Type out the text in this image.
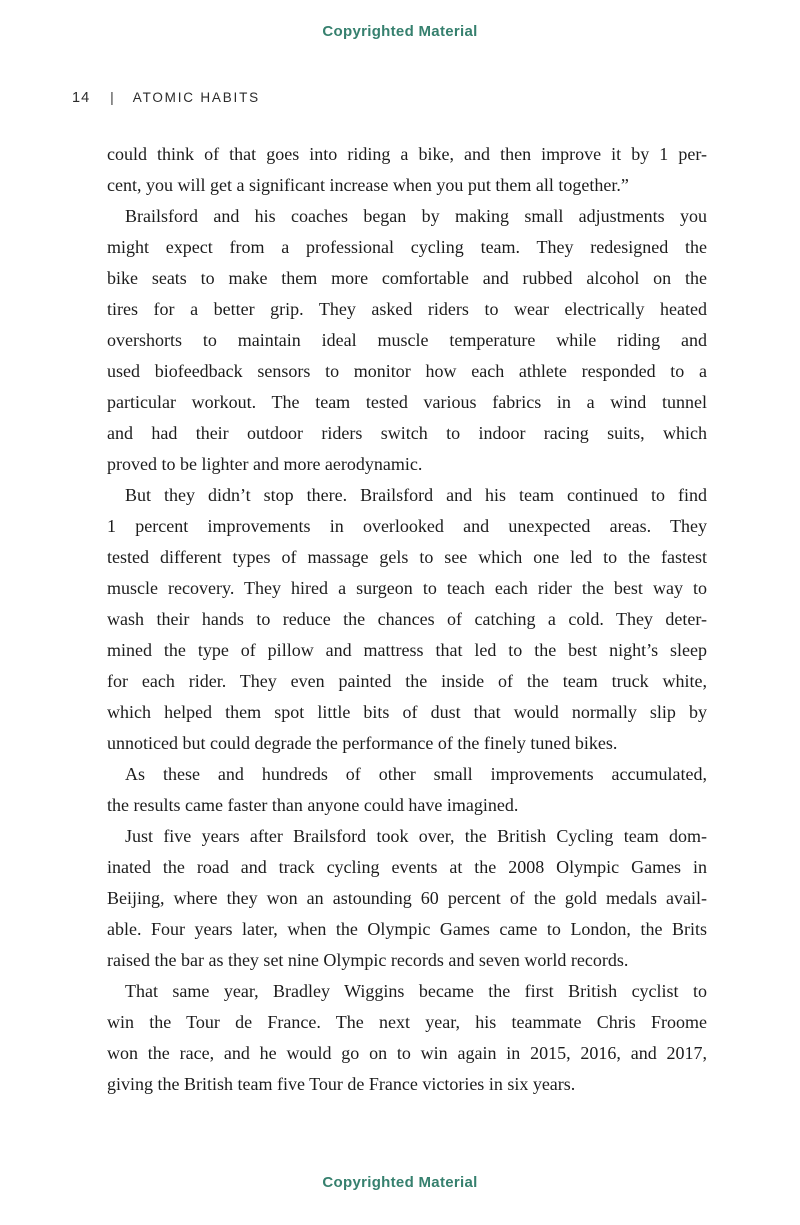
Copyrighted Material
14 | ATOMIC HABITS
could think of that goes into riding a bike, and then improve it by 1 per-
cent, you will get a significant increase when you put them all together.”
Brailsford and his coaches began by making small adjustments you
might expect from a professional cycling team. They redesigned the
bike seats to make them more comfortable and rubbed alcohol on the
tires for a better grip. They asked riders to wear electrically heated
overshorts to maintain ideal muscle temperature while riding and
used biofeedback sensors to monitor how each athlete responded to a
particular workout. The team tested various fabrics in a wind tunnel
and had their outdoor riders switch to indoor racing suits, which
proved to be lighter and more aerodynamic.
But they didn’t stop there. Brailsford and his team continued to find
1 percent improvements in overlooked and unexpected areas. They
tested different types of massage gels to see which one led to the fastest
muscle recovery. They hired a surgeon to teach each rider the best way to
wash their hands to reduce the chances of catching a cold. They deter-
mined the type of pillow and mattress that led to the best night’s sleep
for each rider. They even painted the inside of the team truck white,
which helped them spot little bits of dust that would normally slip by
unnoticed but could degrade the performance of the finely tuned bikes.
As these and hundreds of other small improvements accumulated,
the results came faster than anyone could have imagined.
Just five years after Brailsford took over, the British Cycling team dom-
inated the road and track cycling events at the 2008 Olympic Games in
Beijing, where they won an astounding 60 percent of the gold medals avail-
able. Four years later, when the Olympic Games came to London, the Brits
raised the bar as they set nine Olympic records and seven world records.
That same year, Bradley Wiggins became the first British cyclist to
win the Tour de France. The next year, his teammate Chris Froome
won the race, and he would go on to win again in 2015, 2016, and 2017,
giving the British team five Tour de France victories in six years.
Copyrighted Material
